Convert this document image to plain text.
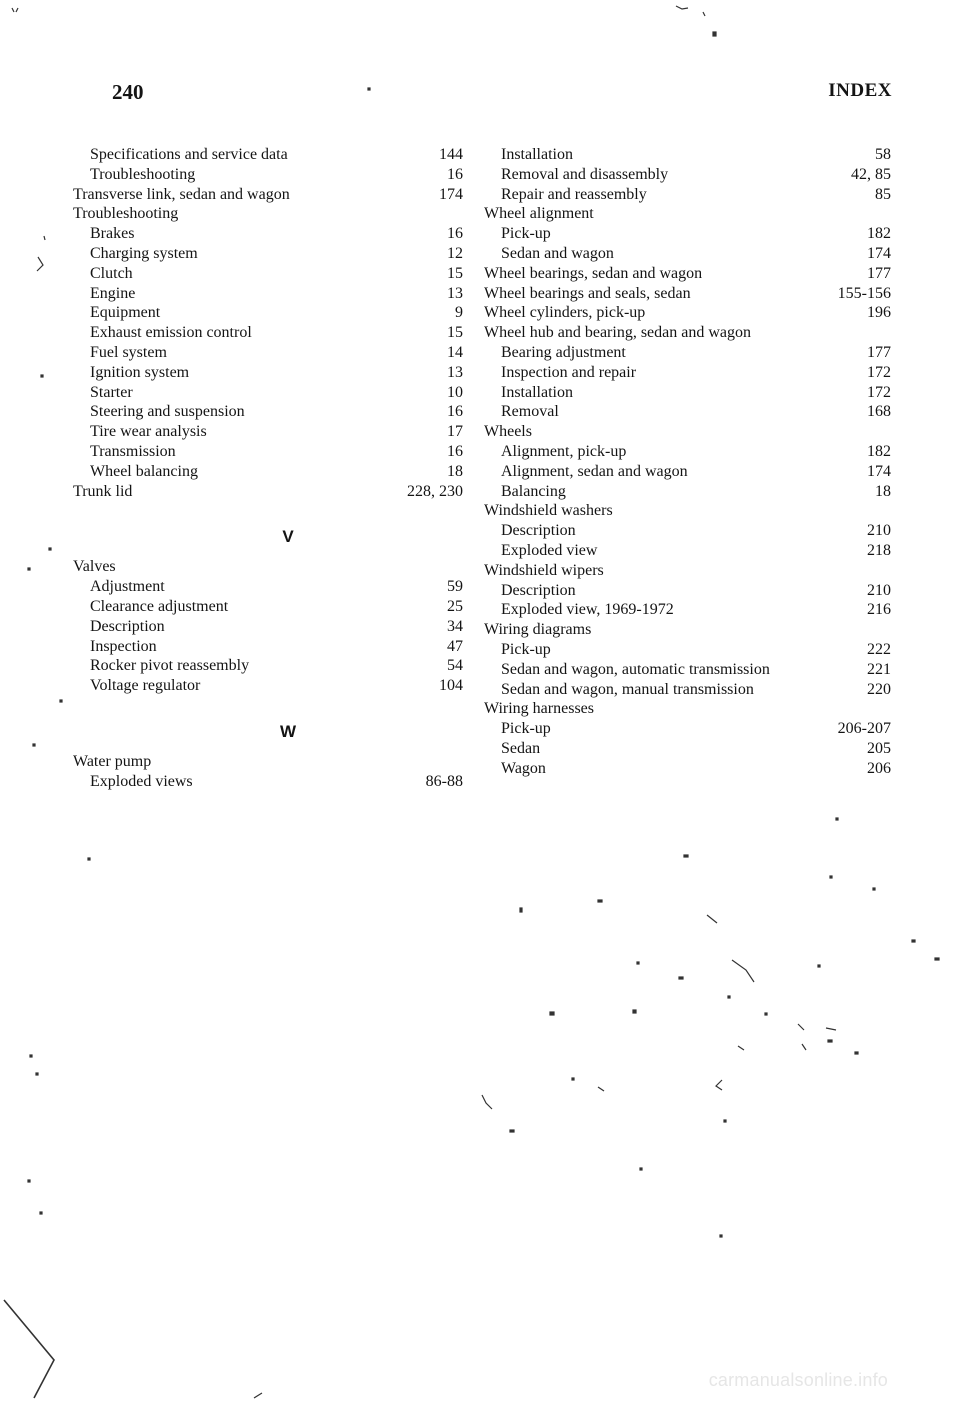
240	INDEX
Specifications and service data	144
Troubleshooting	16
Transverse link, sedan and wagon	174
Troubleshooting
Brakes	16
Charging system	12
Clutch	15
Engine	13
Equipment	9
Exhaust emission control	15
Fuel system	14
Ignition system	13
Starter	10
Steering and suspension	16
Tire wear analysis	17
Transmission	16
Wheel balancing	18
Trunk lid	228, 230
V
Valves
Adjustment	59
Clearance adjustment	25
Description	34
Inspection	47
Rocker pivot reassembly	54
Voltage regulator	104
W
Water pump
Exploded views	86-88
Installation	58
Removal and disassembly	42, 85
Repair and reassembly	85
Wheel alignment
Pick-up	182
Sedan and wagon	174
Wheel bearings, sedan and wagon	177
Wheel bearings and seals, sedan	155-156
Wheel cylinders, pick-up	196
Wheel hub and bearing, sedan and wagon
Bearing adjustment	177
Inspection and repair	172
Installation	172
Removal	168
Wheels
Alignment, pick-up	182
Alignment, sedan and wagon	174
Balancing	18
Windshield washers
Description	210
Exploded view	218
Windshield wipers
Description	210
Exploded view, 1969-1972	216
Wiring diagrams
Pick-up	222
Sedan and wagon, automatic transmission	221
Sedan and wagon, manual transmission	220
Wiring harnesses
Pick-up	206-207
Sedan	205
Wagon	206
carmanualsonline.info
